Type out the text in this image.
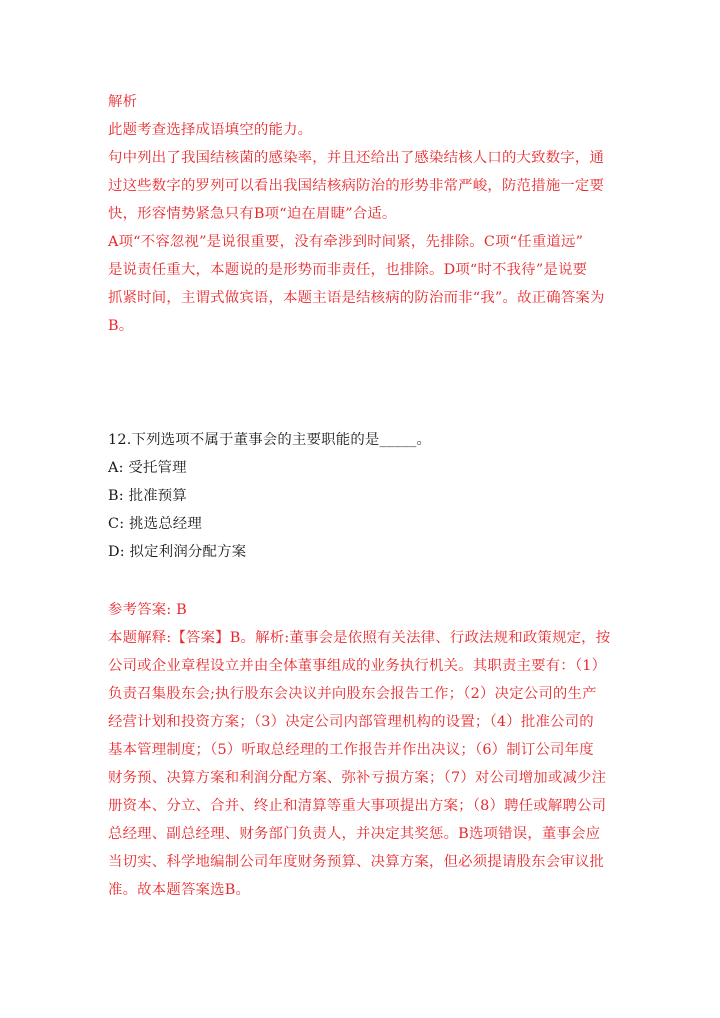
解析
此题考查选择成语填空的能力。
句中列出了我国结核菌的感染率，并且还给出了感染结核人口的大致数字，通
过这些数字的罗列可以看出我国结核病防治的形势非常严峻，防范措施一定要
快，形容情势紧急只有B项“迫在眉睫”合适。
A项“不容忽视”是说很重要，没有牵涉到时间紧，先排除。C项“任重道远”
是说责任重大，本题说的是形势而非责任，也排除。D项“时不我待”是说要
抓紧时间，主谓式做宾语，本题主语是结核病的防治而非“我”。故正确答案为
B。
12.下列选项不属于董事会的主要职能的是_____。
A: 受托管理
B: 批准预算
C: 挑选总经理
D: 拟定利润分配方案
参考答案: B
本题解释:【答案】B。解析:董事会是依照有关法律、行政法规和政策规定，按
公司或企业章程设立并由全体董事组成的业务执行机关。其职责主要有：（1）
负责召集股东会;执行股东会决议并向股东会报告工作；（2）决定公司的生产
经营计划和投资方案；（3）决定公司内部管理机构的设置；（4）批准公司的
基本管理制度；（5）听取总经理的工作报告并作出决议；（6）制订公司年度
财务预、决算方案和利润分配方案、弥补亏损方案；（7）对公司增加或减少注
册资本、分立、合并、终止和清算等重大事项提出方案；（8）聘任或解聘公司
总经理、副总经理、财务部门负责人，并决定其奖惩。B选项错误，董事会应
当切实、科学地编制公司年度财务预算、决算方案，但必须提请股东会审议批
准。故本题答案选B。
